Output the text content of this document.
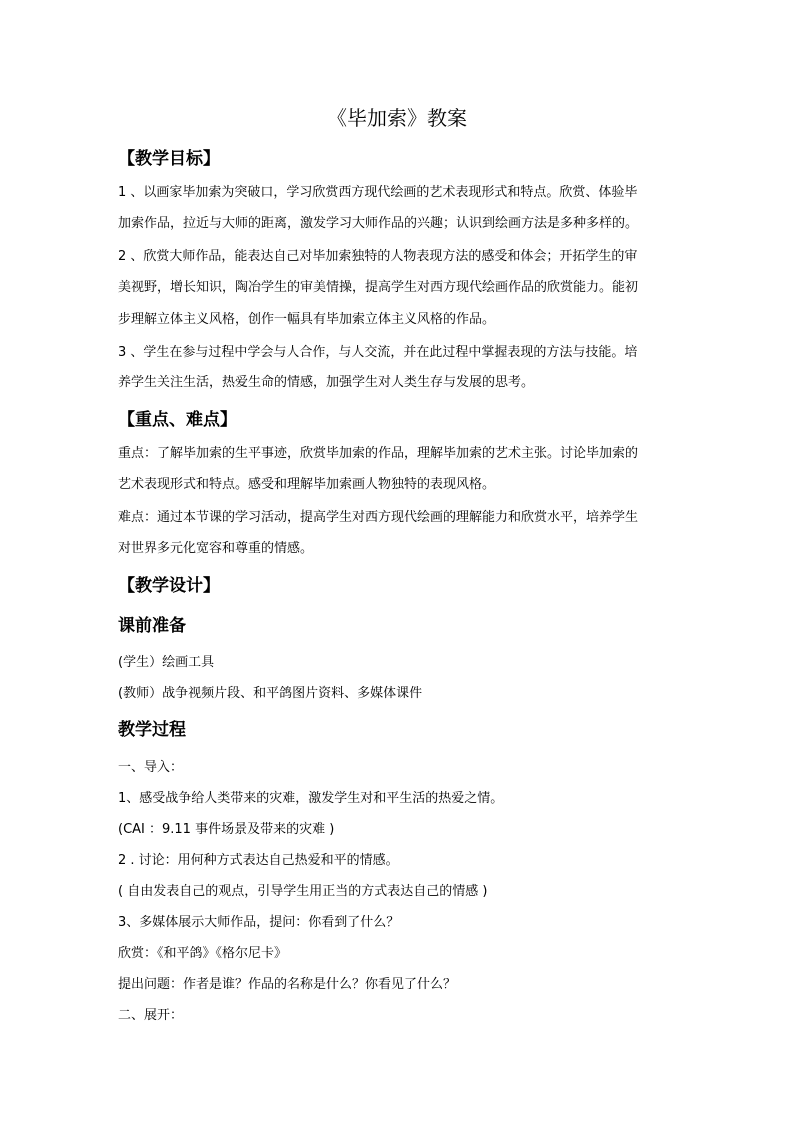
《毕加索》教案
【教学目标】
1 、以画家毕加索为突破口，学习欣赏西方现代绘画的艺术表现形式和特点。欣赏、体验毕
加索作品，拉近与大师的距离，激发学习大师作品的兴趣；认识到绘画方法是多种多样的。
2 、欣赏大师作品，能表达自己对毕加索独特的人物表现方法的感受和体会；开拓学生的审
美视野，增长知识，陶冶学生的审美情操，提高学生对西方现代绘画作品的欣赏能力。能初
步理解立体主义风格，创作一幅具有毕加索立体主义风格的作品。
3 、学生在参与过程中学会与人合作，与人交流，并在此过程中掌握表现的方法与技能。培
养学生关注生活，热爱生命的情感，加强学生对人类生存与发展的思考。
【重点、难点】
重点：了解毕加索的生平事迹，欣赏毕加索的作品，理解毕加索的艺术主张。讨论毕加索的
艺术表现形式和特点。感受和理解毕加索画人物独特的表现风格。
难点：通过本节课的学习活动，提高学生对西方现代绘画的理解能力和欣赏水平，培养学生
对世界多元化宽容和尊重的情感。
【教学设计】
课前准备
(学生）绘画工具
(教师）战争视频片段、和平鸽图片资料、多媒体课件
教学过程
一、导入：
1、感受战争给人类带来的灾难，激发学生对和平生活的热爱之情。
(CAI ：9.11 事件场景及带来的灾难 )
2 . 讨论：用何种方式表达自己热爱和平的情感。
( 自由发表自己的观点，引导学生用正当的方式表达自己的情感 )
3、多媒体展示大师作品，提问：你看到了什么？
欣赏：《和平鸽》《格尔尼卡》
提出问题：作者是谁？作品的名称是什么？你看见了什么？
二、展开：
